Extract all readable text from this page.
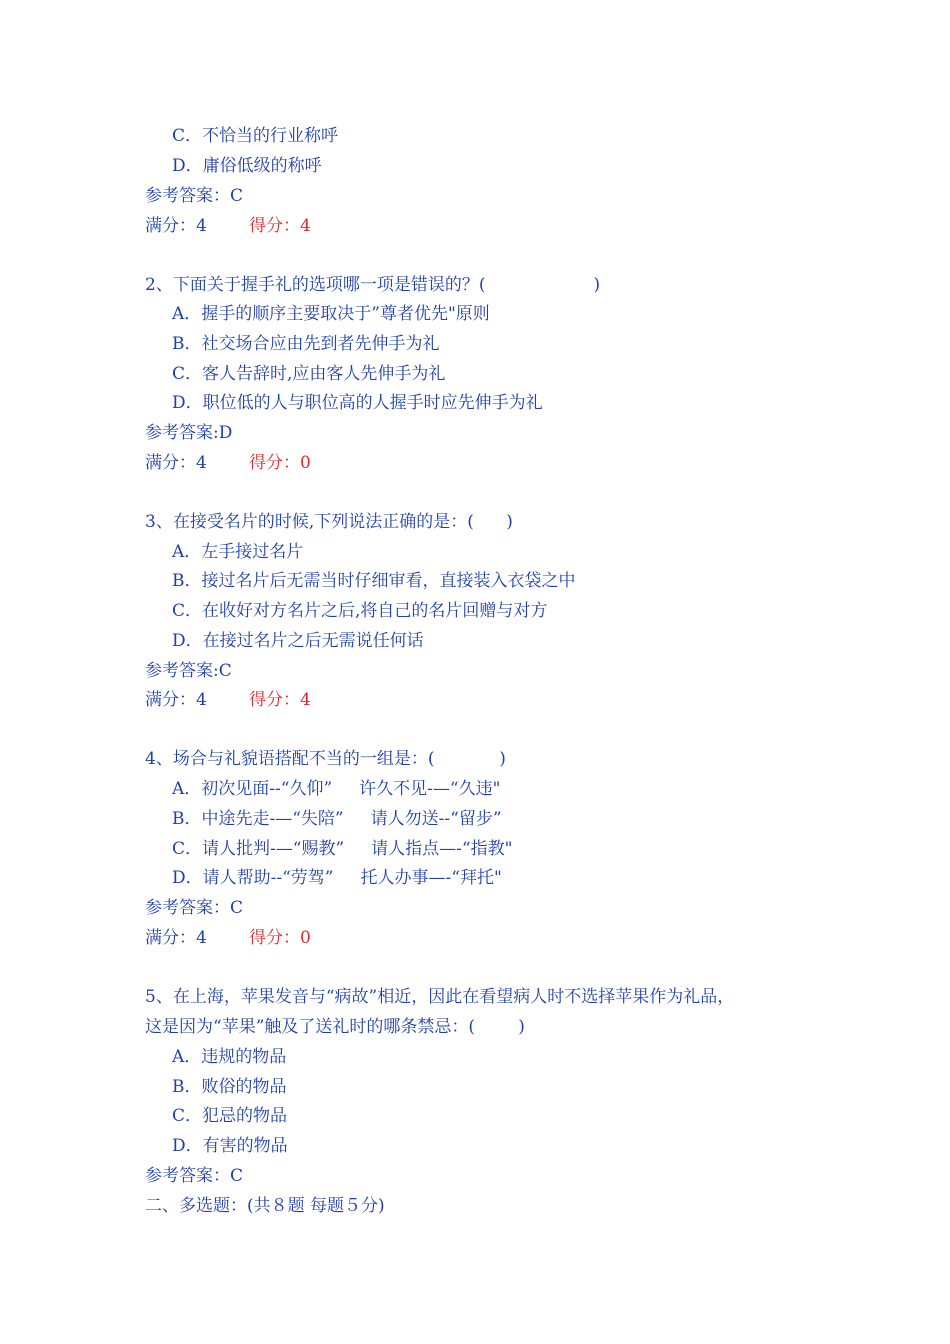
C．不恰当的行业称呼
D．庸俗低级的称呼
参考答案：C
满分：4 得分：4
2、下面关于握手礼的选项哪一项是错误的？(                    )
A．握手的顺序主要取决于”尊者优先"原则
B．社交场合应由先到者先伸手为礼
C．客人告辞时,应由客人先伸手为礼
D．职位低的人与职位高的人握手时应先伸手为礼
参考答案:D
满分：4 得分：0
3、在接受名片的时候,下列说法正确的是：(      )
A．左手接过名片
B．接过名片后无需当时仔细审看，直接装入衣袋之中
C．在收好对方名片之后,将自己的名片回赠与对方
D．在接过名片之后无需说任何话
参考答案:C
满分：4 得分：4
4、场合与礼貌语搭配不当的一组是：(            )
A．初次见面--“久仰”     许久不见-—“久违"
B．中途先走-—“失陪”     请人勿送--“留步”
C．请人批判-—“赐教”     请人指点—-“指教"
D．请人帮助--“劳驾”     托人办事—-“拜托"
参考答案：C
满分：4 得分：0
5、在上海，苹果发音与“病故”相近，因此在看望病人时不选择苹果作为礼品，
这是因为“苹果”触及了送礼时的哪条禁忌：(        )
A．违规的物品
B．败俗的物品
C．犯忌的物品
D．有害的物品
参考答案：C
二、多选题：(共８题 每题５分)
